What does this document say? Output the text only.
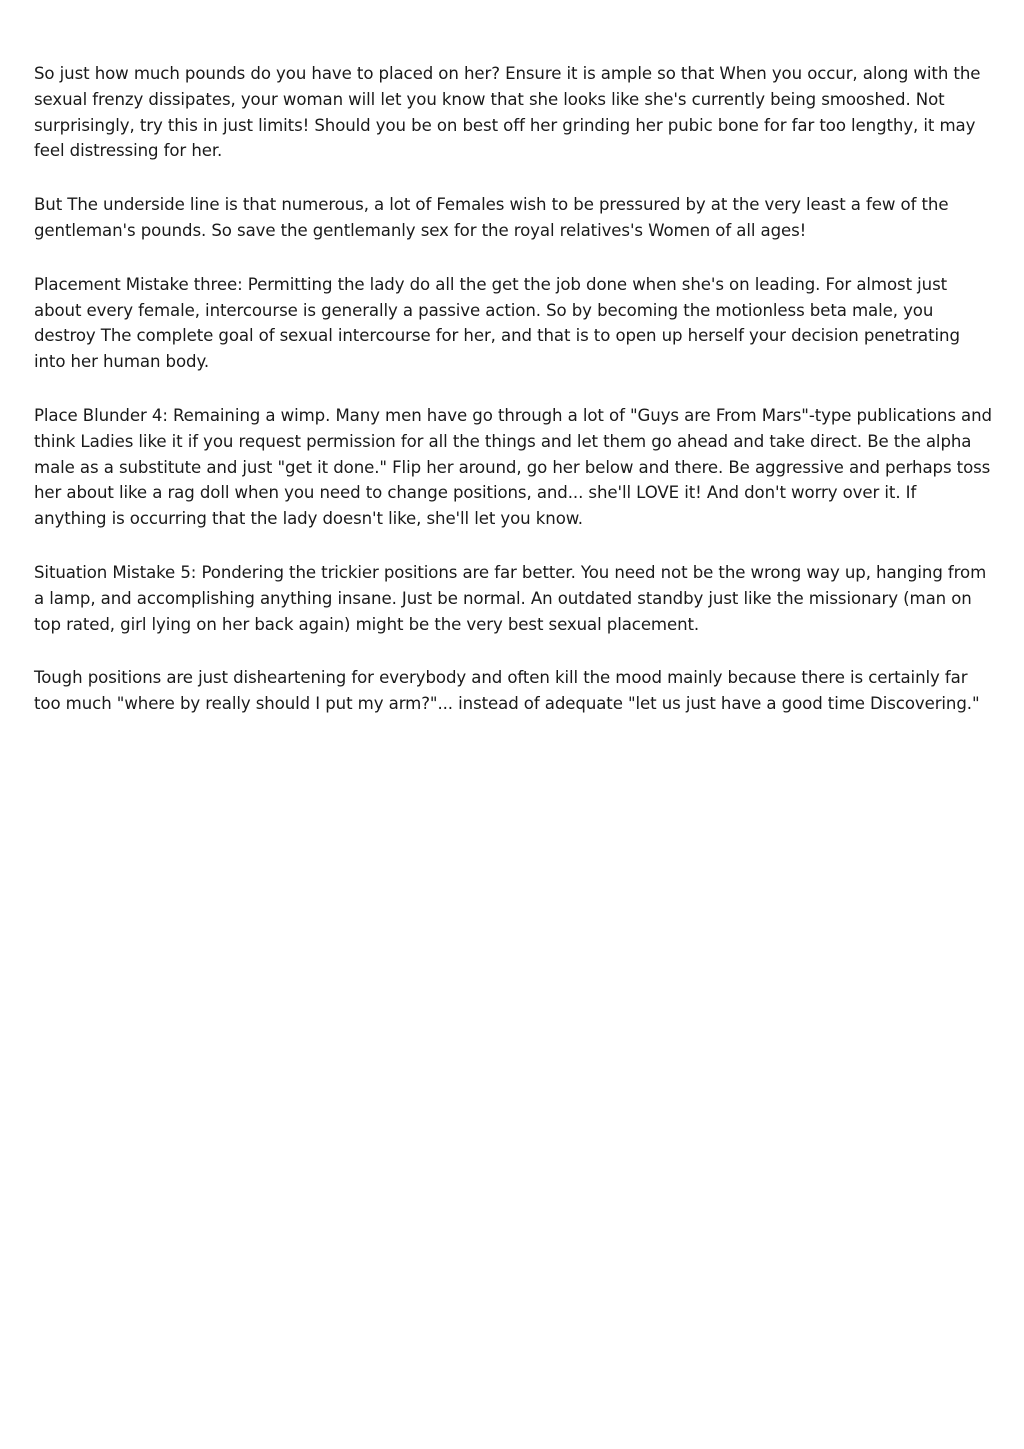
So just how much pounds do you have to placed on her? Ensure it is ample so that When you occur, along with the sexual frenzy dissipates, your woman will let you know that she looks like she's currently being smooshed. Not surprisingly, try this in just limits! Should you be on best off her grinding her pubic bone for far too lengthy, it may feel distressing for her.

But The underside line is that numerous, a lot of Females wish to be pressured by at the very least a few of the gentleman's pounds. So save the gentlemanly sex for the royal relatives's Women of all ages!

Placement Mistake three: Permitting the lady do all the get the job done when she's on leading. For almost just about every female, intercourse is generally a passive action. So by becoming the motionless beta male, you destroy The complete goal of sexual intercourse for her, and that is to open up herself your decision penetrating into her human body.

Place Blunder 4: Remaining a wimp. Many men have go through a lot of "Guys are From Mars"-type publications and think Ladies like it if you request permission for all the things and let them go ahead and take direct. Be the alpha male as a substitute and just "get it done." Flip her around, go her below and there. Be aggressive and perhaps toss her about like a rag doll when you need to change positions, and... she'll LOVE it! And don't worry over it. If anything is occurring that the lady doesn't like, she'll let you know.

Situation Mistake 5: Pondering the trickier positions are far better. You need not be the wrong way up, hanging from a lamp, and accomplishing anything insane. Just be normal. An outdated standby just like the missionary (man on top rated, girl lying on her back again) might be the very best sexual placement.

Tough positions are just disheartening for everybody and often kill the mood mainly because there is certainly far too much "where by really should I put my arm?"... instead of adequate "let us just have a good time Discovering."
